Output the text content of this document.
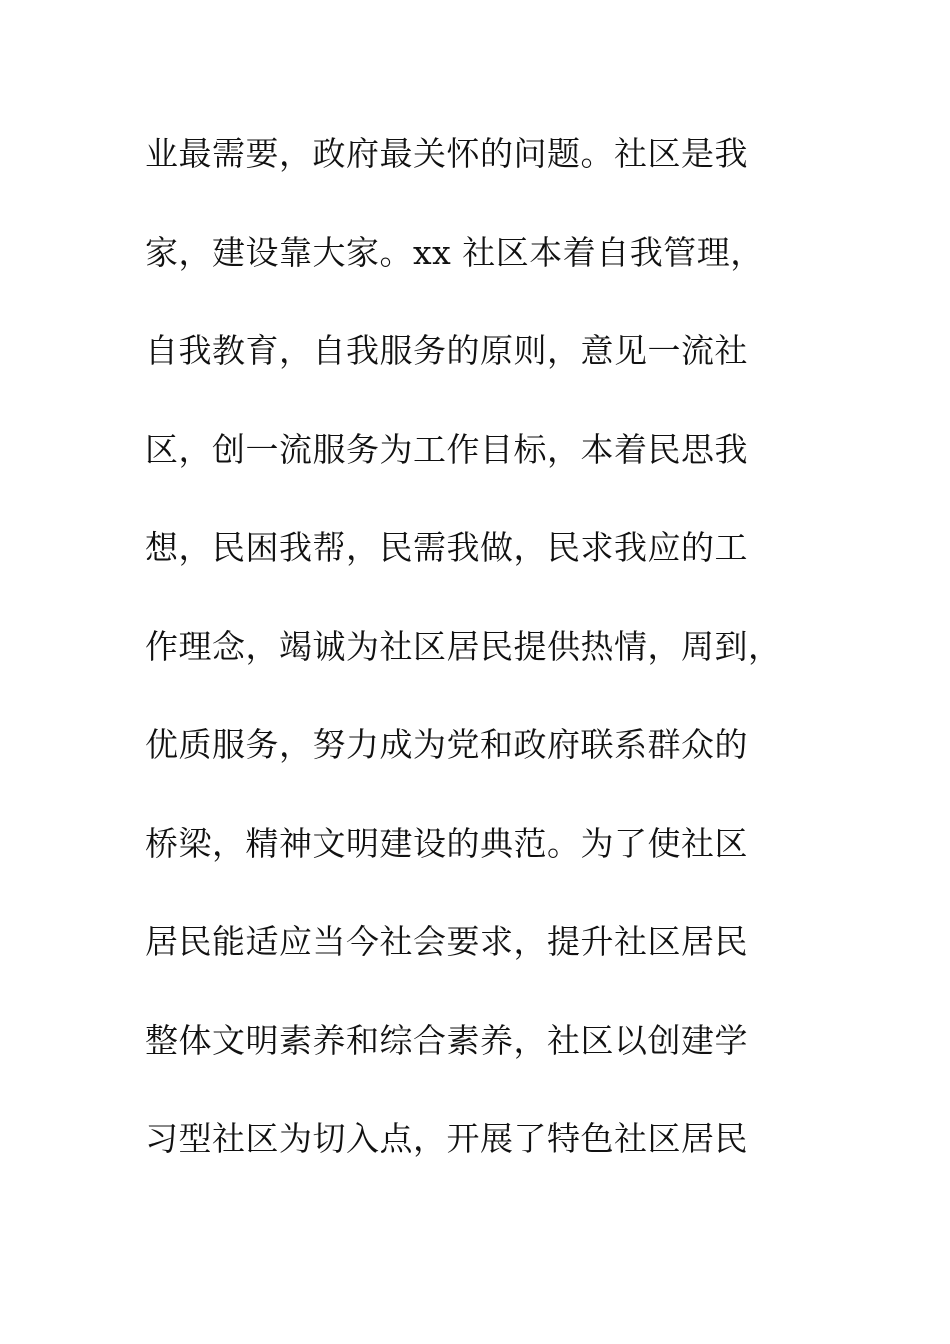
业最需要，政府最关怀的问题。社区是我
家，建设靠大家。xx 社区本着自我管理，
自我教育，自我服务的原则，意见一流社
区，创一流服务为工作目标，本着民思我
想，民困我帮，民需我做，民求我应的工
作理念，竭诚为社区居民提供热情，周到，
优质服务，努力成为党和政府联系群众的
桥梁，精神文明建设的典范。为了使社区
居民能适应当今社会要求，提升社区居民
整体文明素养和综合素养，社区以创建学
习型社区为切入点，开展了特色社区居民
